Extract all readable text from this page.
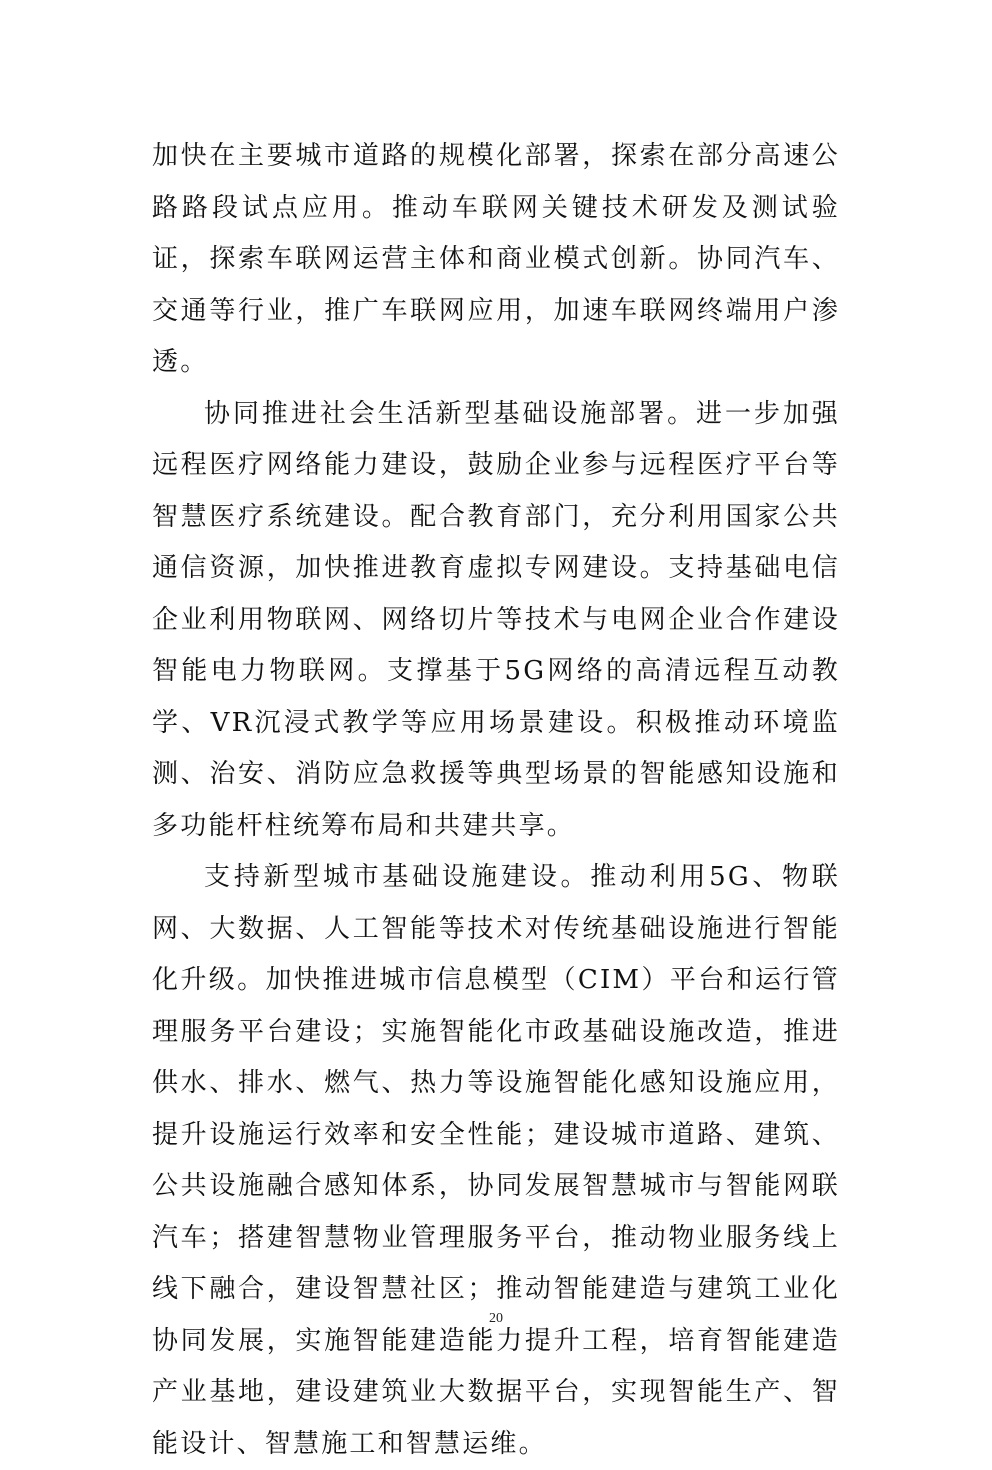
加快在主要城市道路的规模化部署，探索在部分高速公路路段试点应用。推动车联网关键技术研发及测试验证，探索车联网运营主体和商业模式创新。协同汽车、交通等行业，推广车联网应用，加速车联网终端用户渗透。

协同推进社会生活新型基础设施部署。进一步加强远程医疗网络能力建设，鼓励企业参与远程医疗平台等智慧医疗系统建设。配合教育部门，充分利用国家公共通信资源，加快推进教育虚拟专网建设。支持基础电信企业利用物联网、网络切片等技术与电网企业合作建设智能电力物联网。支撑基于5G网络的高清远程互动教学、VR沉浸式教学等应用场景建设。积极推动环境监测、治安、消防应急救援等典型场景的智能感知设施和多功能杆柱统筹布局和共建共享。

支持新型城市基础设施建设。推动利用5G、物联网、大数据、人工智能等技术对传统基础设施进行智能化升级。加快推进城市信息模型（CIM）平台和运行管理服务平台建设；实施智能化市政基础设施改造，推进供水、排水、燃气、热力等设施智能化感知设施应用，提升设施运行效率和安全性能；建设城市道路、建筑、公共设施融合感知体系，协同发展智慧城市与智能网联汽车；搭建智慧物业管理服务平台，推动物业服务线上线下融合，建设智慧社区；推动智能建造与建筑工业化协同发展，实施智能建造能力提升工程，培育智能建造产业基地，建设建筑业大数据平台，实现智能生产、智能设计、智慧施工和智慧运维。

20
